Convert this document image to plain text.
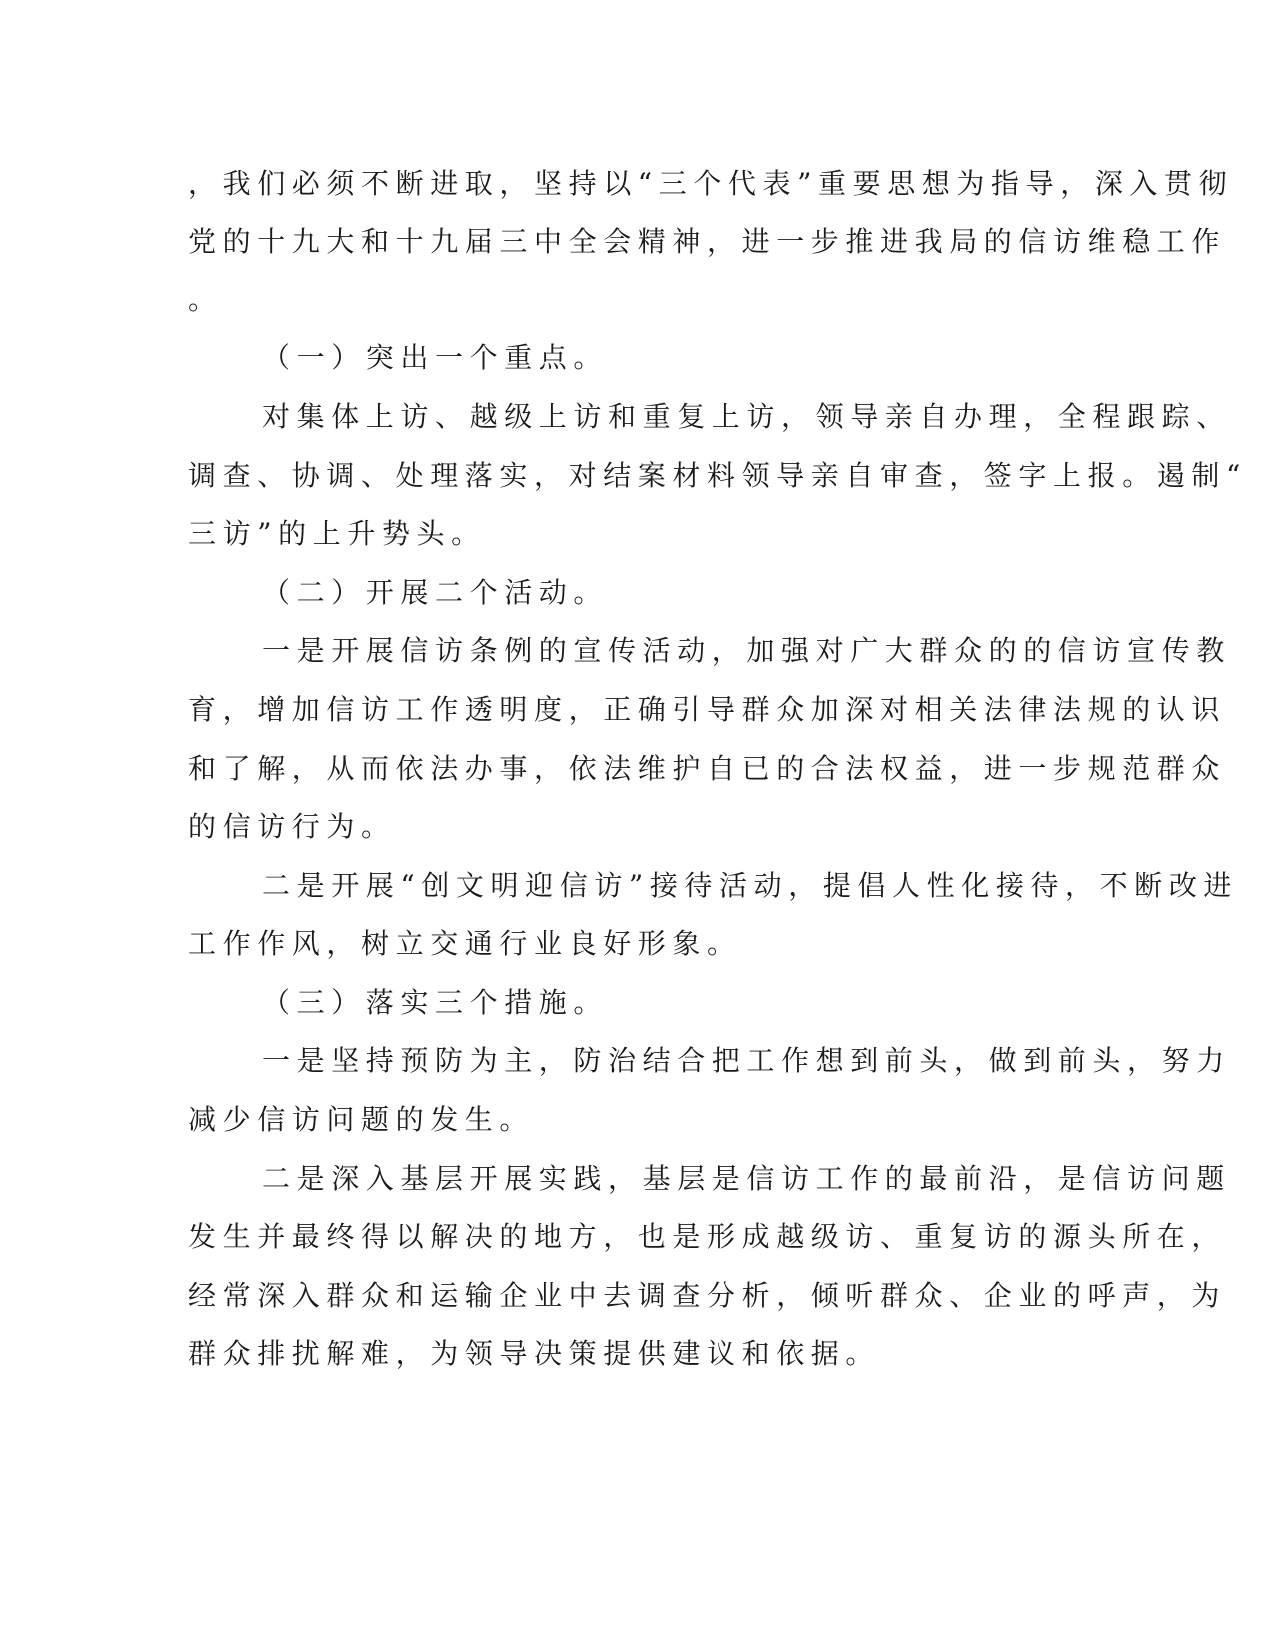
，我们必须不断进取，坚持以“三个代表”重要思想为指导，深入贯彻
党的十九大和十九届三中全会精神，进一步推进我局的信访维稳工作
。
（一）突出一个重点。
对集体上访、越级上访和重复上访，领导亲自办理，全程跟踪、
调查、协调、处理落实，对结案材料领导亲自审查，签字上报。遏制“
三访”的上升势头。
（二）开展二个活动。
一是开展信访条例的宣传活动，加强对广大群众的的信访宣传教
育，增加信访工作透明度，正确引导群众加深对相关法律法规的认识
和了解，从而依法办事，依法维护自已的合法权益，进一步规范群众
的信访行为。
二是开展“创文明迎信访”接待活动，提倡人性化接待，不断改进
工作作风，树立交通行业良好形象。
（三）落实三个措施。
一是坚持预防为主，防治结合把工作想到前头，做到前头，努力
减少信访问题的发生。
二是深入基层开展实践，基层是信访工作的最前沿，是信访问题
发生并最终得以解决的地方，也是形成越级访、重复访的源头所在，
经常深入群众和运输企业中去调查分析，倾听群众、企业的呼声，为
群众排扰解难，为领导决策提供建议和依据。
